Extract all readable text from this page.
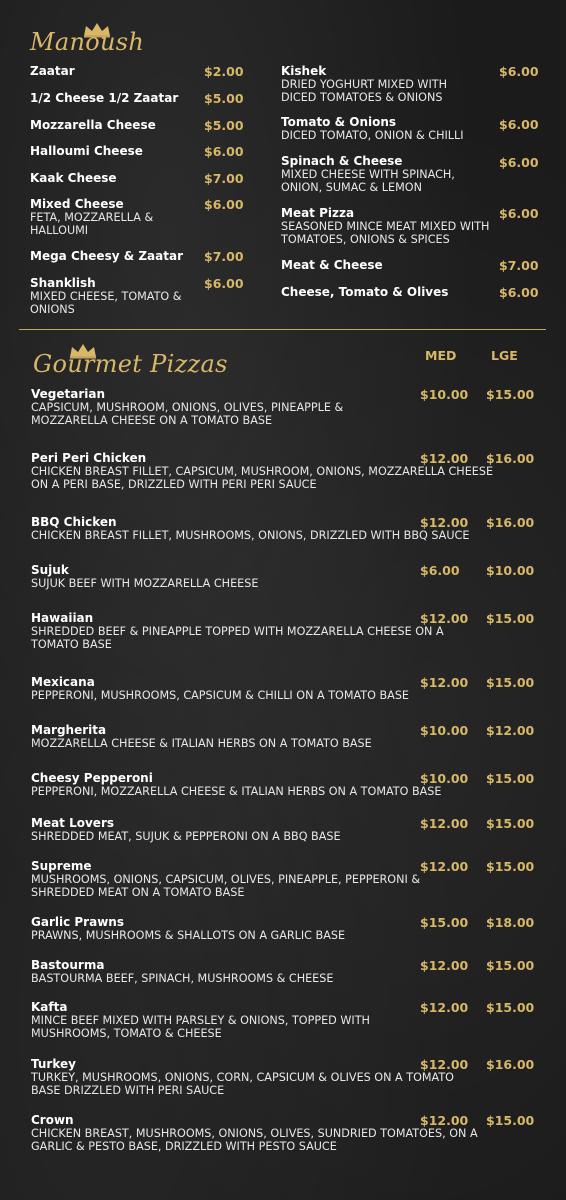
Manoush
Zaatar	$2.00
1/2 Cheese 1/2 Zaatar	$5.00
Mozzarella Cheese	$5.00
Halloumi Cheese	$6.00
Kaak Cheese	$7.00
Mixed Cheese
FETA, MOZZARELLA & HALLOUMI
$6.00
Mega Cheesy & Zaatar	$7.00
Shanklish
MIXED CHEESE, TOMATO & ONIONS
$6.00
Kishek
DRIED YOGHURT MIXED WITH DICED TOMATOES & ONIONS
$6.00
Tomato & Onions
DICED TOMATO, ONION & CHILLI
$6.00
Spinach & Cheese
MIXED CHEESE WITH SPINACH, ONION, SUMAC & LEMON
$6.00
Meat Pizza
SEASONED MINCE MEAT MIXED WITH TOMATOES, ONIONS & SPICES
$6.00
Meat & Cheese	$7.00
Cheese, Tomato & Olives	$6.00
Gourmet Pizzas	MED	LGE
Vegetarian
CAPSICUM, MUSHROOM, ONIONS, OLIVES, PINEAPPLE & MOZZARELLA CHEESE ON A TOMATO BASE
$10.00 $15.00
Peri Peri Chicken
CHICKEN BREAST FILLET, CAPSICUM, MUSHROOM, ONIONS, MOZZARELLA CHEESE ON A PERI BASE, DRIZZLED WITH PERI PERI SAUCE
$12.00 $16.00
BBQ Chicken
CHICKEN BREAST FILLET, MUSHROOMS, ONIONS, DRIZZLED WITH BBQ SAUCE
$12.00 $16.00
Sujuk
SUJUK BEEF WITH MOZZARELLA CHEESE
$6.00 $10.00
Hawaiian
SHREDDED BEEF & PINEAPPLE TOPPED WITH MOZZARELLA CHEESE ON A TOMATO BASE
$12.00 $15.00
Mexicana
PEPPERONI, MUSHROOMS, CAPSICUM & CHILLI ON A TOMATO BASE
$12.00 $15.00
Margherita
MOZZARELLA CHEESE & ITALIAN HERBS ON A TOMATO BASE
$10.00 $12.00
Cheesy Pepperoni
PEPPERONI, MOZZARELLA CHEESE & ITALIAN HERBS ON A TOMATO BASE
$10.00 $15.00
Meat Lovers
SHREDDED MEAT, SUJUK & PEPPERONI ON A BBQ BASE
$12.00 $15.00
Supreme
MUSHROOMS, ONIONS, CAPSICUM, OLIVES, PINEAPPLE, PEPPERONI & SHREDDED MEAT ON A TOMATO BASE
$12.00 $15.00
Garlic Prawns
PRAWNS, MUSHROOMS & SHALLOTS ON A GARLIC BASE
$15.00 $18.00
Bastourma
BASTOURMA BEEF, SPINACH, MUSHROOMS & CHEESE
$12.00 $15.00
Kafta
MINCE BEEF MIXED WITH PARSLEY & ONIONS, TOPPED WITH MUSHROOMS, TOMATO & CHEESE
$12.00 $15.00
Turkey
TURKEY, MUSHROOMS, ONIONS, CORN, CAPSICUM & OLIVES ON A TOMATO BASE DRIZZLED WITH PERI SAUCE
$12.00 $16.00
Crown
CHICKEN BREAST, MUSHROOMS, ONIONS, OLIVES, SUNDRIED TOMATOES, ON A GARLIC & PESTO BASE, DRIZZLED WITH PESTO SAUCE
$12.00 $15.00
